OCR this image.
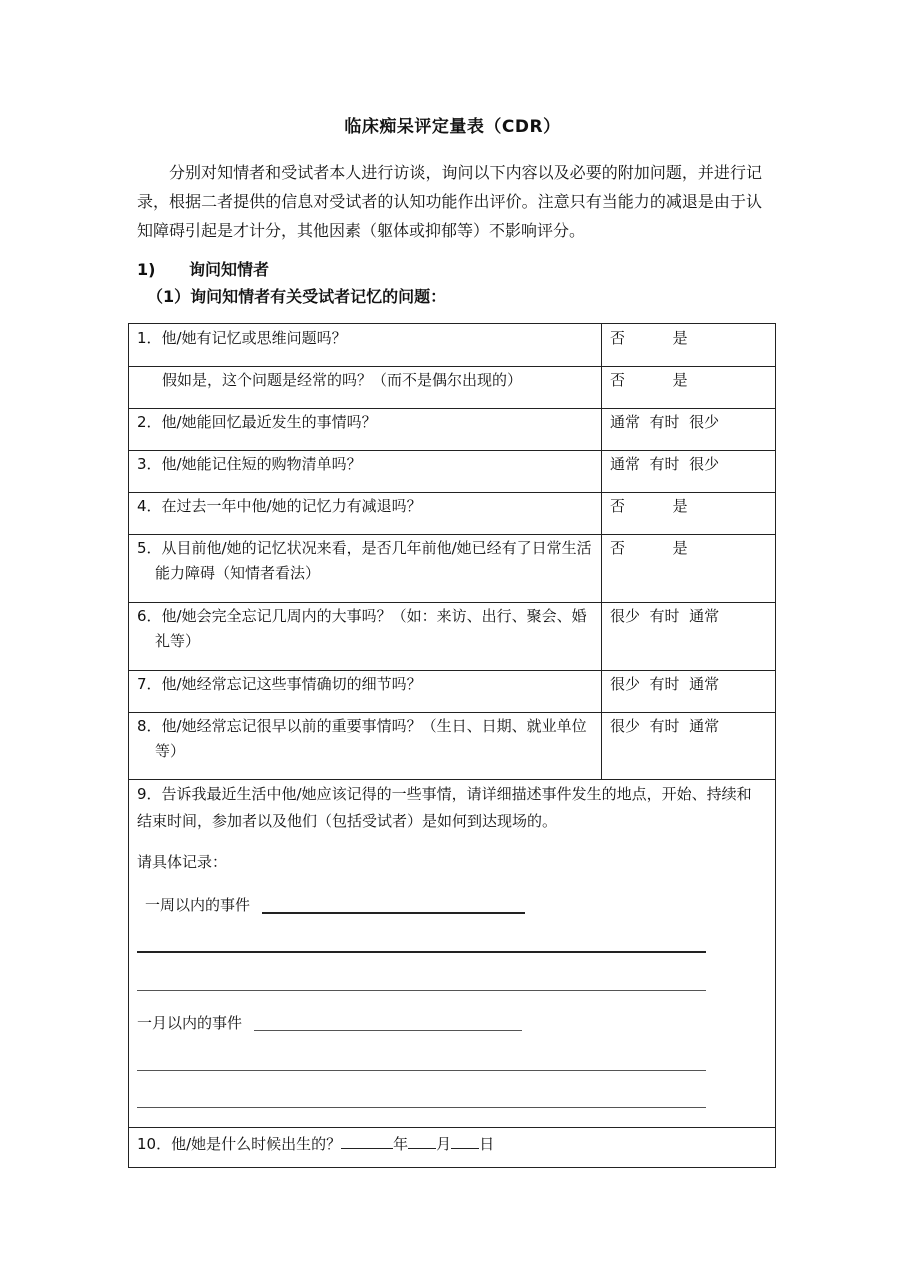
临床痴呆评定量表（CDR）
分别对知情者和受试者本人进行访谈，询问以下内容以及必要的附加问题，并进行记录，根据二者提供的信息对受试者的认知功能作出评价。注意只有当能力的减退是由于认知障碍引起是才计分，其他因素（躯体或抑郁等）不影响评分。
1) 询问知情者
（1）询问知情者有关受试者记忆的问题：
1．他/她有记忆或思维问题吗？	否          是
假如是，这个问题是经常的吗？（而不是偶尔出现的）	否          是
2．他/她能回忆最近发生的事情吗？	通常  有时  很少
3．他/她能记住短的购物清单吗？	通常  有时  很少
4．在过去一年中他/她的记忆力有减退吗？	否          是
5．从目前他/她的记忆状况来看，是否几年前他/她已经有了日常生活能力障碍（知情者看法）
否          是
6．他/她会完全忘记几周内的大事吗？（如：来访、出行、聚会、婚礼等）
很少  有时  通常
7．他/她经常忘记这些事情确切的细节吗？	很少  有时  通常
8．他/她经常忘记很早以前的重要事情吗？（生日、日期、就业单位等）
很少  有时  通常
9．告诉我最近生活中他/她应该记得的一些事情，请详细描述事件发生的地点，开始、持续和结束时间，参加者以及他们（包括受试者）是如何到达现场的。
请具体记录：
一周以内的事件
一月以内的事件
10．他/她是什么时候出生的？	年 月 日
